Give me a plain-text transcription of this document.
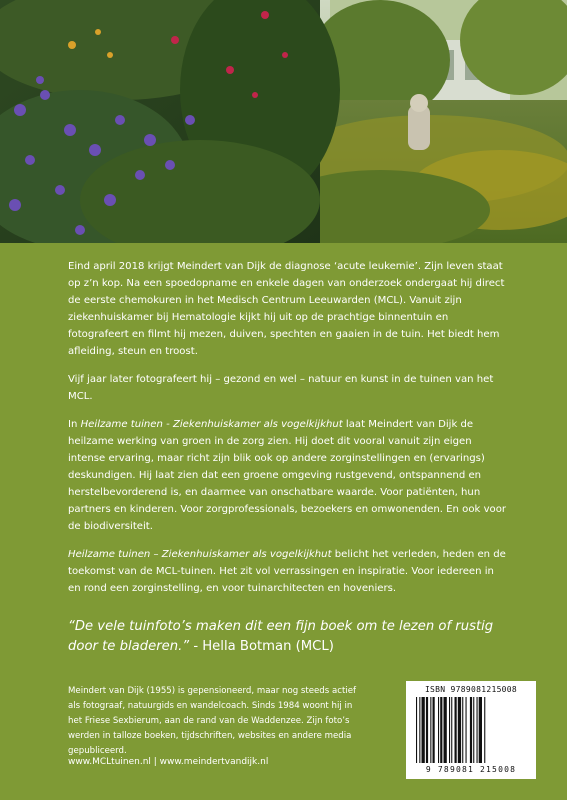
Eind april 2018 krijgt Meindert van Dijk de diagnose ‘acute leukemie’. Zijn leven staat op z’n kop. Na een spoedopname en enkele dagen van onderzoek ondergaat hij direct de eerste chemokuren in het Medisch Centrum Leeuwarden (MCL). Vanuit zijn ziekenhuiskamer bij Hematologie kijkt hij uit op de prachtige binnentuin en fotografeert en filmt hij mezen, duiven, spechten en gaaien in de tuin. Het biedt hem afleiding, steun en troost.

Vijf jaar later fotografeert hij – gezond en wel – natuur en kunst in de tuinen van het MCL.

In Heilzame tuinen - Ziekenhuiskamer als vogelkijkhut laat Meindert van Dijk de heilzame werking van groen in de zorg zien. Hij doet dit vooral vanuit zijn eigen intense ervaring, maar richt zijn blik ook op andere zorginstellingen en (ervarings) deskundigen. Hij laat zien dat een groene omgeving rustgevend, ontspannend en herstelbevorderend is, en daarmee van onschatbare waarde. Voor patiënten, hun partners en kinderen. Voor zorgprofessionals, bezoekers en omwonenden. En ook voor de biodiversiteit.

Heilzame tuinen – Ziekenhuiskamer als vogelkijkhut belicht het verleden, heden en de toekomst van de MCL-tuinen. Het zit vol verrassingen en inspiratie. Voor iedereen in en rond een zorginstelling, en voor tuinarchitecten en hoveniers.

“De vele tuinfoto’s maken dit een fijn boek om te lezen of rustig door te bladeren.” - Hella Botman (MCL)

Meindert van Dijk (1955) is gepensioneerd, maar nog steeds actief als fotograaf, natuurgids en wandelcoach. Sinds 1984 woont hij in het Friese Sexbierum, aan de rand van de Waddenzee. Zijn foto’s werden in talloze boeken, tijdschriften, websites en andere media gepubliceerd.

www.MCLtuinen.nl | www.meindertvandijk.nl
ISBN 9789081215008
9 789081 215008
